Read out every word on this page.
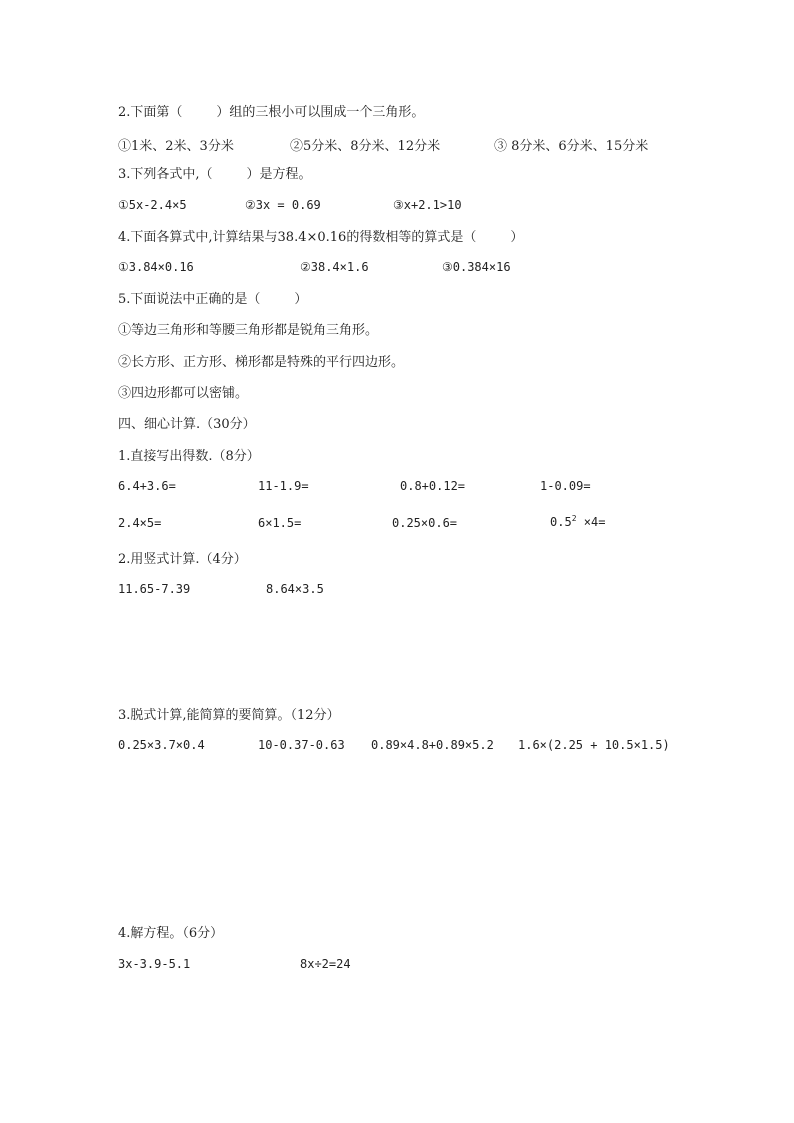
2.下面第（	）组的三根小可以围成一个三角形。
①1米、2米、3分米	②5分米、8分米、12分米	③ 8分米、6分米、15分米
3.下列各式中,（	）是方程。
①5x-2.4×5	②3x = 0.69	③x+2.1>10
4.下面各算式中,计算结果与38.4×0.16的得数相等的算式是（	）
①3.84×0.16	②38.4×1.6	③0.384×16
5.下面说法中正确的是（	）
①等边三角形和等腰三角形都是锐角三角形。
②长方形、正方形、梯形都是特殊的平行四边形。
③四边形都可以密铺。
四、细心计算.（30分）
1.直接写出得数.（8分）
6.4+3.6=	11-1.9=	0.8+0.12=	1-0.09=
2.4×5=	6×1.5=	0.25×0.6=	$0.5^2 \times 4=$
2.用竖式计算.（4分）
11.65-7.39	8.64×3.5
3.脱式计算,能简算的要简算。（12分）
0.25×3.7×0.4	10-0.37-0.63 0.89×4.8+0.89×5.2 1.6×(2.25 + 10.5×1.5)
4.解方程。（6分）
3x-3.9-5.1	8x÷2=24
